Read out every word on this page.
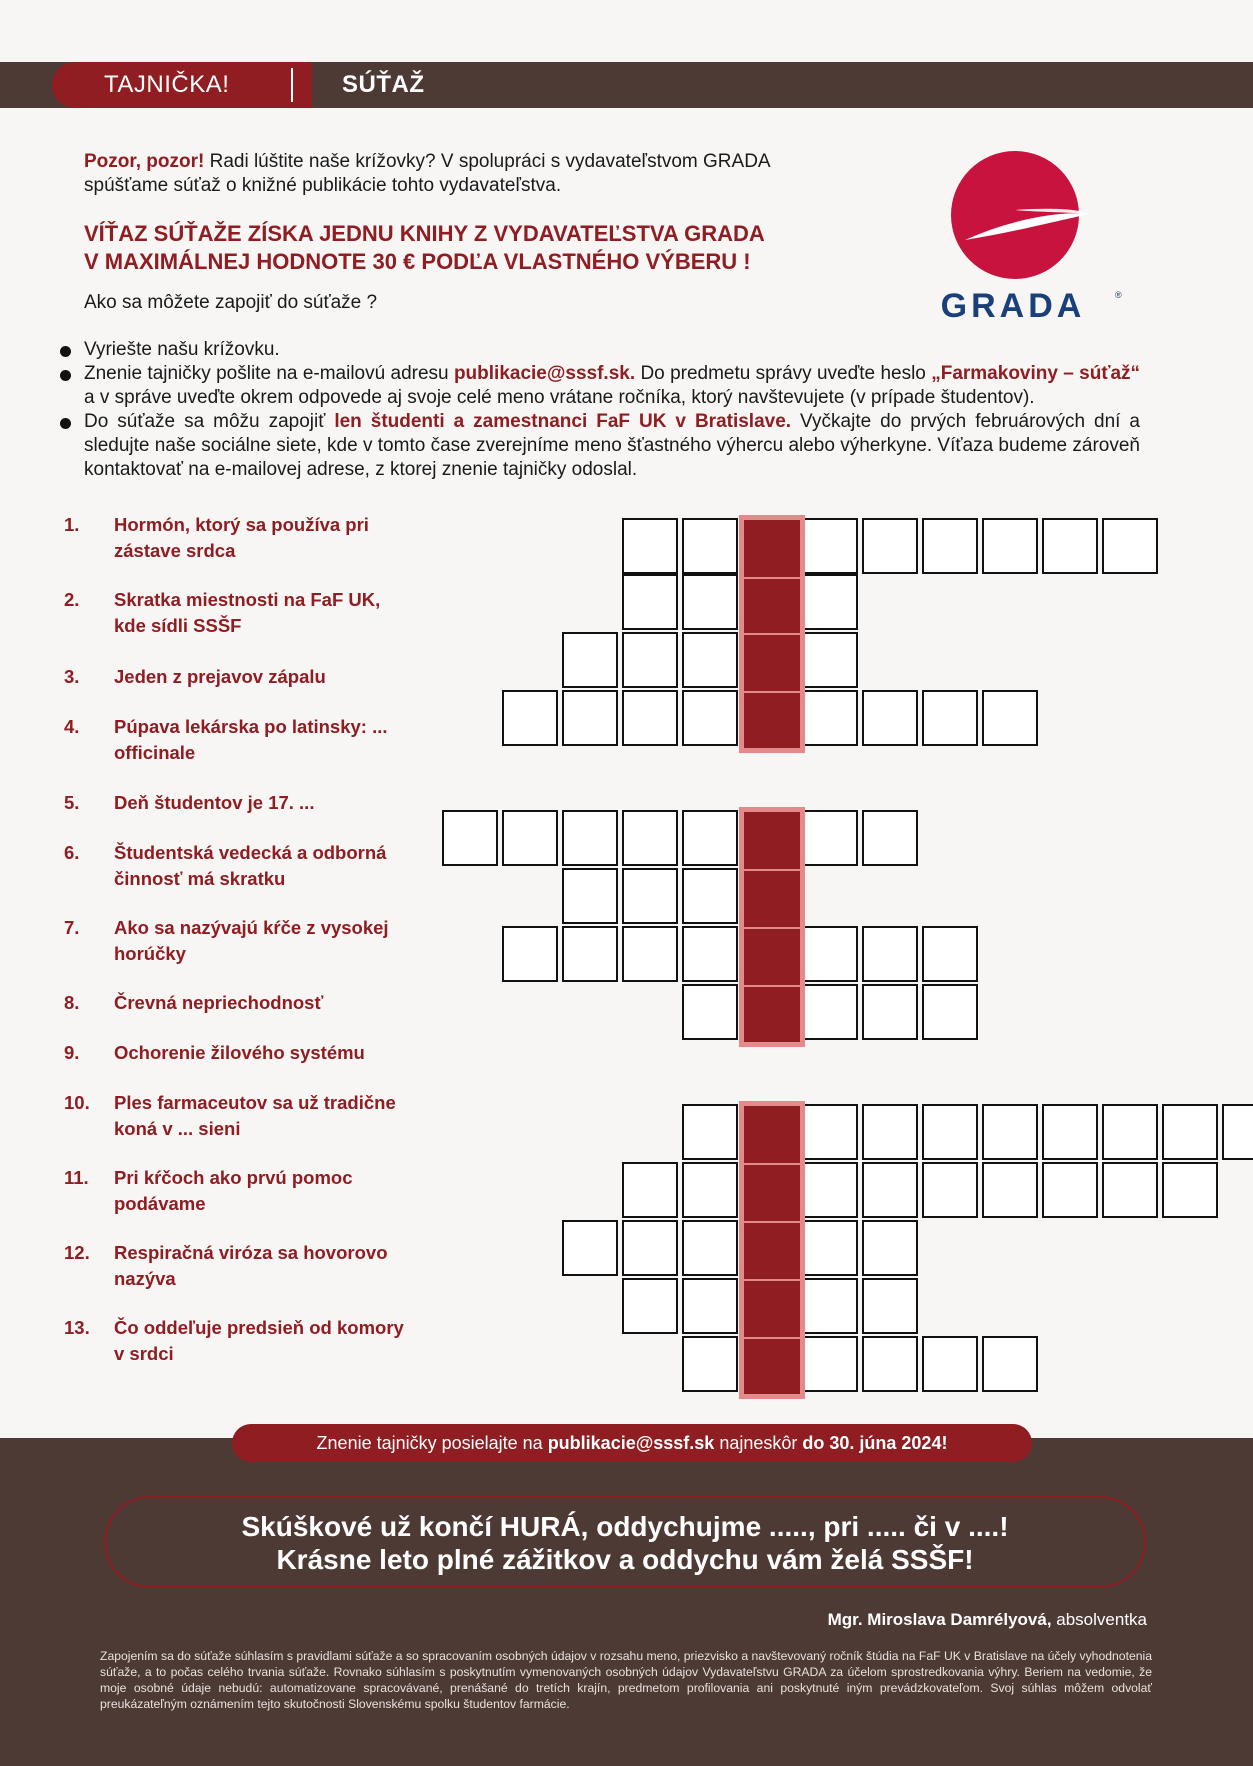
TAJNIČKA!	SÚŤAŽ
Pozor, pozor! Radi lúštite naše krížovky? V spolupráci s vydavateľstvom GRADA spúšťame súťaž o knižné publikácie tohto vydavateľstva.
VÍŤAZ SÚŤAŽE ZÍSKA JEDNU KNIHY Z VYDAVATEĽSTVA GRADA
V MAXIMÁLNEJ HODNOTE 30 € PODĽA VLASTNÉHO VÝBERU !
Ako sa môžete zapojiť do súťaže ?	GRADA	®
Vyriešte našu krížovku.
Znenie tajničky pošlite na e-mailovú adresu publikacie@sssf.sk. Do predmetu správy uveďte heslo „Farmakoviny – súťaž“ a v správe uveďte okrem odpovede aj svoje celé meno vrátane ročníka, ktorý navštevujete (v prípade študentov).
Do súťaže sa môžu zapojiť len študenti a zamestnanci FaF UK v Bratislave. Vyčkajte do prvých februárových dní a sledujte naše sociálne siete, kde v tomto čase zverejníme meno šťastného výhercu alebo výherkyne. Víťaza budeme zároveň kontaktovať na e-mailovej adrese, z ktorej znenie tajničky odoslal.
1.	Hormón, ktorý sa používa pri zástave srdca
2.	Skratka miestnosti na FaF UK, kde sídli SSŠF
3.	Jeden z prejavov zápalu
4.	Púpava lekárska po latinsky: ... officinale
5.	Deň študentov je 17. ...
6.	Študentská vedecká a odborná činnosť má skratku
7.	Ako sa nazývajú kŕče z vysokej horúčky
8.	Črevná nepriechodnosť
9.	Ochorenie žilového systému
10.	Ples farmaceutov sa už tradične koná v ... sieni
11.	Pri kŕčoch ako prvú pomoc podávame
12.	Respiračná viróza sa hovorovo nazýva
13.	Čo oddeľuje predsieň od komory v srdci
Znenie tajničky posielajte na publikacie@sssf.sk najneskôr do 30. júna 2024!
Skúškové už končí HURÁ, oddychujme ....., pri ..... či v ....!
Krásne leto plné zážitkov a oddychu vám želá SSŠF!
Mgr. Miroslava Damrélyová, absolventka
Zapojením sa do súťaže súhlasím s pravidlami súťaže a so spracovaním osobných údajov v rozsahu meno, priezvisko a navštevovaný ročník štúdia na FaF UK v Bratislave na účely vyhodnotenia súťaže, a to počas celého trvania súťaže. Rovnako súhlasím s poskytnutím vymenovaných osobných údajov Vydavateľstvu GRADA za účelom sprostredkovania výhry. Beriem na vedomie, že moje osobné údaje nebudú: automatizovane spracovávané, prenášané do tretích krajín, predmetom profilovania ani poskytnuté iným prevádzkovateľom. Svoj súhlas môžem odvolať preukázateľným oznámením tejto skutočnosti Slovenskému spolku študentov farmácie.
